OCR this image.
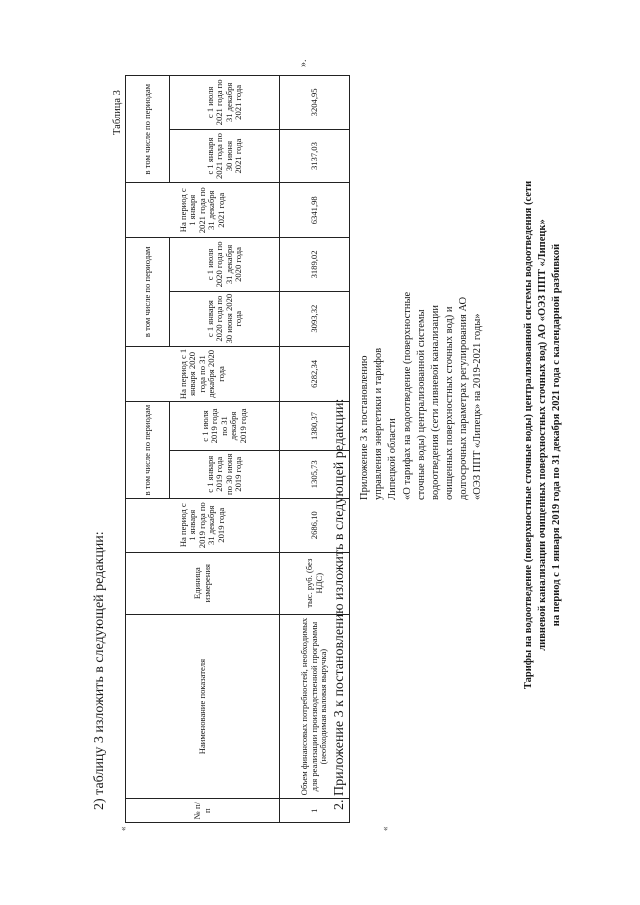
2) таблицу 3 изложить в следующей редакции:
Таблица 3
«
№ п/п	Наименование показателя	Единица измерения	На период с 1 января 2019 года по 31 декабря 2019 года	в том числе по периодам		На период с 1 января 2020 года по 31 декабря 2020 года	в том числе по периодам		На период с 1 января 2021 года по 31 декабря 2021 года	в том числе по периодам	
				с 1 января 2019 года по 30 июня 2019 года	с 1 июля 2019 года по 31 декабря 2019 года		с 1 января 2020 года по 30 июня 2020 года	с 1 июля 2020 года по 31 декабря 2020 года		с 1 января 2021 года по 30 июня 2021 года	с 1 июля 2021 года по 31 декабря 2021 года
1	Объем финансовых потребностей, необходимых для реализации производственной программы (необходимая валовая выручка)	тыс. руб. (без НДС)	2686,10	1305,73	1380,37	6282,34	3093,32	3189,02	6341,98	3137,03	3204,95
».
«
2. Приложение 3 к постановлению изложить в следующей редакции: Приложение 3 к постановлению управления энергетики и тарифов Липецкой области «О тарифах на водоотведение (поверхностные сточные воды) централизованной системы водоотведения (сети ливневой канализации очищенных поверхностных сточных вод) и долгосрочных параметрах регулирования АО «ОЭЗ ППТ «Липецк» на 2019-2021 годы»	Тарифы на водоотведение (поверхностные сточные воды) централизованной системы водоотведения (сети ливневой канализации очищенных поверхностных сточных вод) АО «ОЭЗ ППТ «Липецк» на период с 1 января 2019 года по 31 декабря 2021 года с календарной разбивкой
